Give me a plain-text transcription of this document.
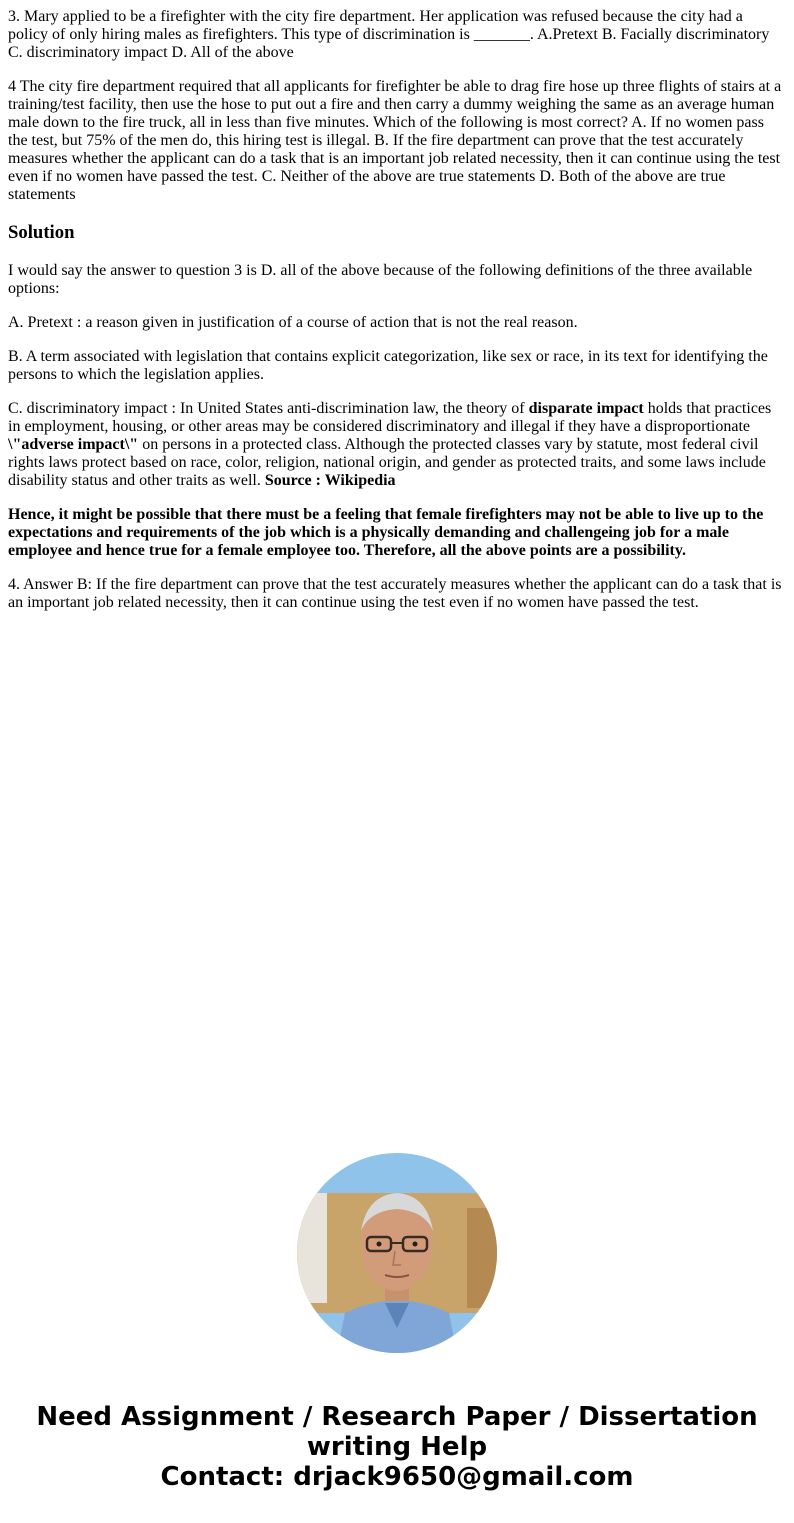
3. Mary applied to be a firefighter with the city fire department. Her application was refused because the city had a policy of only hiring males as firefighters. This type of discrimination is _______. A.Pretext B. Facially discriminatory C. discriminatory impact D. All of the above

4 The city fire department required that all applicants for firefighter be able to drag fire hose up three flights of stairs at a training/test facility, then use the hose to put out a fire and then carry a dummy weighing the same as an average human male down to the fire truck, all in less than five minutes. Which of the following is most correct? A. If no women pass the test, but 75% of the men do, this hiring test is illegal. B. If the fire department can prove that the test accurately measures whether the applicant can do a task that is an important job related necessity, then it can continue using the test even if no women have passed the test. C. Neither of the above are true statements D. Both of the above are true statements

Solution

I would say the answer to question 3 is D. all of the above because of the following definitions of the three available options:

A. Pretext : a reason given in justification of a course of action that is not the real reason.

B. A term associated with legislation that contains explicit categorization, like sex or race, in its text for identifying the persons to which the legislation applies.

C. discriminatory impact : In United States anti-discrimination law, the theory of disparate impact holds that practices in employment, housing, or other areas may be considered discriminatory and illegal if they have a disproportionate \"adverse impact\" on persons in a protected class. Although the protected classes vary by statute, most federal civil rights laws protect based on race, color, religion, national origin, and gender as protected traits, and some laws include disability status and other traits as well. Source : Wikipedia

Hence, it might be possible that there must be a feeling that female firefighters may not be able to live up to the expectations and requirements of the job which is a physically demanding and challengeing job for a male employee and hence true for a female employee too. Therefore, all the above points are a possibility.

4. Answer B: If the fire department can prove that the test accurately measures whether the applicant can do a task that is an important job related necessity, then it can continue using the test even if no women have passed the test.

Need Assignment / Research Paper / Dissertation
writing Help
Contact: drjack9650@gmail.com
